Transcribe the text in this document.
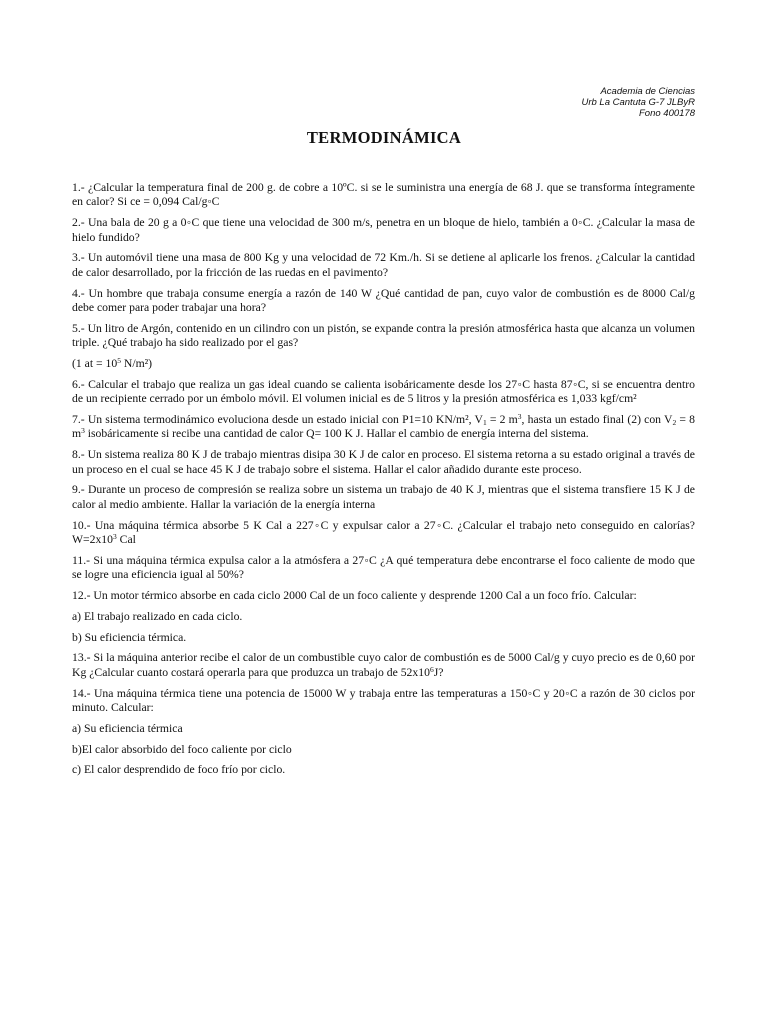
Academia de Ciencias
Urb La Cantuta G-7 JLByR
Fono 400178
TERMODINÁMICA

1.- ¿Calcular la temperatura final de 200 g. de cobre a 10ºC. si se le suministra una energía de 68 J. que se transforma íntegramente en calor? Si ce = 0,094 Cal/g◦C

2.- Una bala de 20 g a 0◦C que tiene una velocidad de 300 m/s, penetra en un bloque de hielo, también a 0◦C. ¿Calcular la masa de hielo fundido?

3.- Un automóvil tiene una masa de 800 Kg y una velocidad de 72 Km./h. Si se detiene al aplicarle los frenos. ¿Calcular la cantidad de calor desarrollado, por la fricción de las ruedas en el pavimento?

4.- Un hombre que trabaja consume energía a razón de 140 W ¿Qué cantidad de pan, cuyo valor de combustión es de 8000 Cal/g debe comer para poder trabajar una hora?

5.- Un litro de Argón, contenido en un cilindro con un pistón, se expande contra la presión atmosférica hasta que alcanza un volumen triple. ¿Qué trabajo ha sido realizado por el gas?

(1 at = $10^5$ N/m²)

6.- Calcular el trabajo que realiza un gas ideal cuando se calienta isobáricamente desde los 27◦C hasta 87◦C, si se encuentra dentro de un recipiente cerrado por un émbolo móvil. El volumen inicial es de 5 litros y la presión atmosférica es 1,033 kgf/cm²

7.- Un sistema termodinámico evoluciona desde un estado inicial con P1=10 KN/m², $V_1 = 2$ $m^3$, hasta un estado final (2) con $V_2 = 8$ $m^3$ isobáricamente si recibe una cantidad de calor Q= 100 K J. Hallar el cambio de energía interna del sistema.

8.- Un sistema realiza 80 K J de trabajo mientras disipa 30 K J de calor en proceso. El sistema retorna a su estado original a través de un proceso en el cual se hace 45 K J de trabajo sobre el sistema. Hallar el calor añadido durante este proceso.

9.- Durante un proceso de compresión se realiza sobre un sistema un trabajo de 40 K J, mientras que el sistema transfiere 15 K J de calor al medio ambiente. Hallar la variación de la energía interna

10.- Una máquina térmica absorbe 5 K Cal a 227◦C y expulsar calor a 27◦C. ¿Calcular el trabajo neto conseguido en calorías? $W=2x10^3$ Cal

11.- Si una máquina térmica expulsa calor a la atmósfera a 27◦C ¿A qué temperatura debe encontrarse el foco caliente de modo que se logre una eficiencia igual al 50%?

12.- Un motor térmico absorbe en cada ciclo 2000 Cal de un foco caliente y desprende 1200 Cal a un foco frío. Calcular:

a) El trabajo realizado en cada ciclo.

b) Su eficiencia térmica.

13.- Si la máquina anterior recibe el calor de un combustible cuyo calor de combustión es de 5000 Cal/g y cuyo precio es de 0,60 por Kg ¿Calcular cuanto costará operarla para que produzca un trabajo de $52x10^6J$?

14.- Una máquina térmica tiene una potencia de 15000 W y trabaja entre las temperaturas a 150◦C y 20◦C a razón de 30 ciclos por minuto. Calcular:

a) Su eficiencia térmica

b)El calor absorbido del foco caliente por ciclo

c) El calor desprendido de foco frío por ciclo.
